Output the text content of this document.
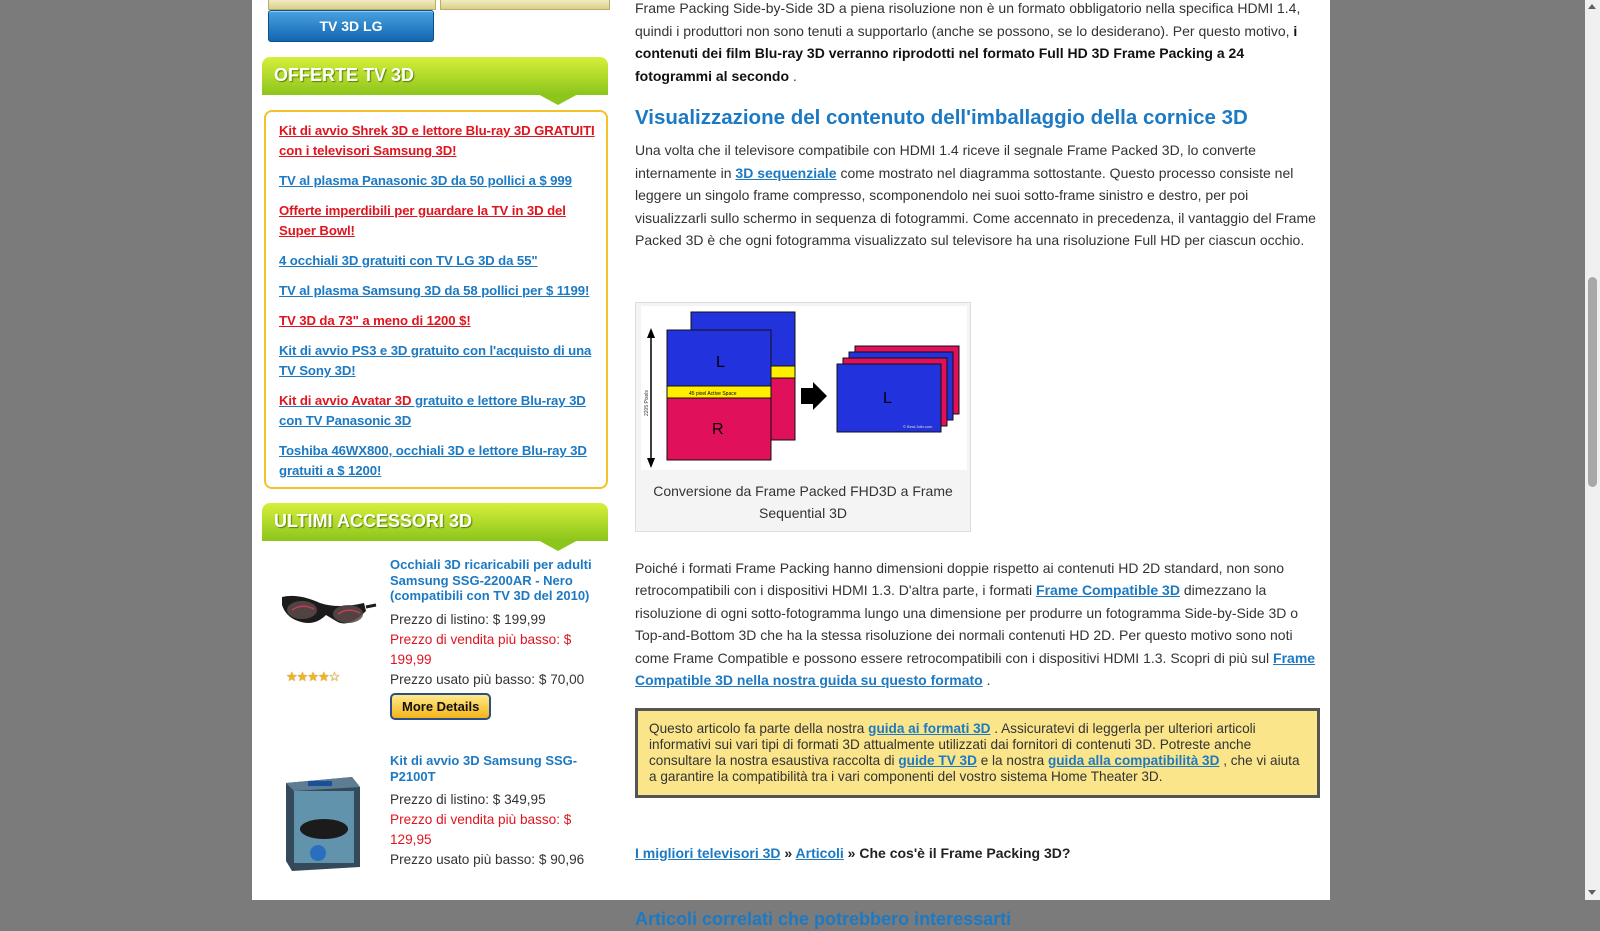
TV 3D LG
OFFERTE TV 3D
Kit di avvio Shrek 3D e lettore Blu-ray 3D GRATUITI con i televisori Samsung 3D!
TV al plasma Panasonic 3D da 50 pollici a $ 999
Offerte imperdibili per guardare la TV in 3D del Super Bowl!
4 occhiali 3D gratuiti con TV LG 3D da 55"
TV al plasma Samsung 3D da 58 pollici per $ 1199!
TV 3D da 73" a meno di 1200 $!
Kit di avvio PS3 e 3D gratuito con l'acquisto di una TV Sony 3D!
Kit di avvio Avatar 3D gratuito e lettore Blu-ray 3D con TV Panasonic 3D
Toshiba 46WX800, occhiali 3D e lettore Blu-ray 3D gratuiti a $ 1200!
ULTIMI ACCESSORI 3D
★★★★☆
Occhiali 3D ricaricabili per adulti Samsung SSG-2200AR - Nero (compatibili con TV 3D del 2010)
Prezzo di listino: $ 199,99
Prezzo di vendita più basso: $ 199,99
Prezzo usato più basso: $ 70,00
More Details
Kit di avvio 3D Samsung SSG-P2100T
Prezzo di listino: $ 349,95
Prezzo di vendita più basso: $ 129,95
Prezzo usato più basso: $ 90,96

Frame Packing Side-by-Side 3D a piena risoluzione non è un formato obbligatorio nella specifica HDMI 1.4, quindi i produttori non sono tenuti a supportarlo (anche se possono, se lo desiderano). Per questo motivo, i contenuti dei film Blu-ray 3D verranno riprodotti nel formato Full HD 3D Frame Packing a 24 fotogrammi al secondo .

Visualizzazione del contenuto dell'imballaggio della cornice 3D

Una volta che il televisore compatibile con HDMI 1.4 riceve il segnale Frame Packed 3D, lo converte internamente in 3D sequenziale come mostrato nel diagramma sottostante. Questo processo consiste nel leggere un singolo frame compresso, scomponendolo nei suoi sotto-frame sinistro e destro, per poi visualizzarli sullo schermo in sequenza di fotogrammi. Come accennato in precedenza, il vantaggio del Frame Packed 3D è che ogni fotogramma visualizzato sul televisore ha una risoluzione Full HD per ciascun occhio.

2205 Pixels
L
R
45 pixel Active Space	L
© Best-3dtv.com
Conversione da Frame Packed FHD3D a Frame Sequential 3D

Poiché i formati Frame Packing hanno dimensioni doppie rispetto ai contenuti HD 2D standard, non sono retrocompatibili con i dispositivi HDMI 1.3. D'altra parte, i formati Frame Compatible 3D dimezzano la risoluzione di ogni sotto-fotogramma lungo una dimensione per produrre un fotogramma Side-by-Side 3D o Top-and-Bottom 3D che ha la stessa risoluzione dei normali contenuti HD 2D. Per questo motivo sono noti come Frame Compatible e possono essere retrocompatibili con i dispositivi HDMI 1.3. Scopri di più sul Frame Compatible 3D nella nostra guida su questo formato .

Questo articolo fa parte della nostra guida ai formati 3D . Assicuratevi di leggerla per ulteriori articoli informativi sui vari tipi di formati 3D attualmente utilizzati dai fornitori di contenuti 3D. Potreste anche consultare la nostra esaustiva raccolta di guide TV 3D e la nostra guida alla compatibilità 3D , che vi aiuta a garantire la compatibilità tra i vari componenti del vostro sistema Home Theater 3D.
I migliori televisori 3D » Articoli » Che cos'è il Frame Packing 3D?
Articoli correlati che potrebbero interessarti
